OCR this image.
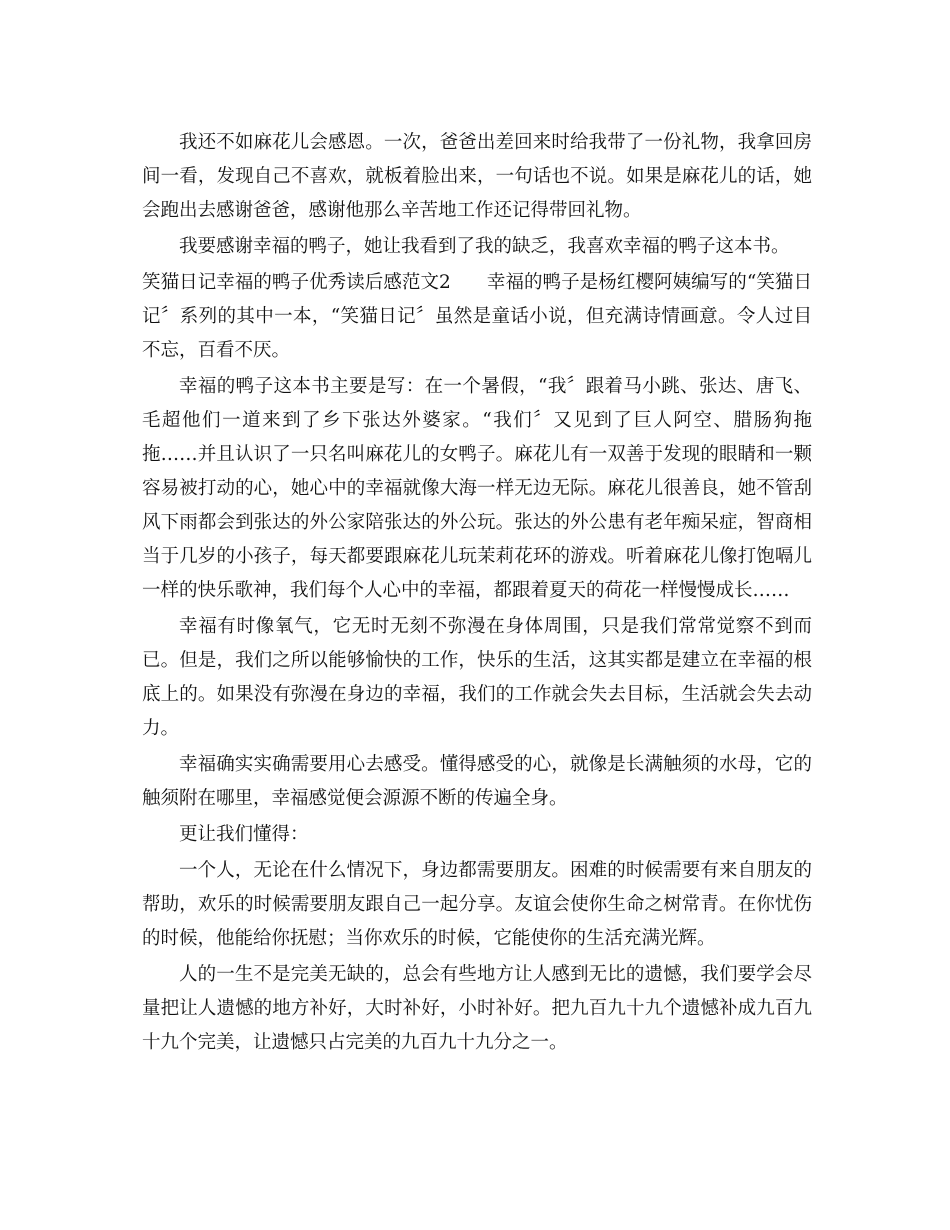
我还不如麻花儿会感恩。一次，爸爸出差回来时给我带了一份礼物，我拿回房间一看，发现自己不喜欢，就板着脸出来，一句话也不说。如果是麻花儿的话，她会跑出去感谢爸爸，感谢他那么辛苦地工作还记得带回礼物。

我要感谢幸福的鸭子，她让我看到了我的缺乏，我喜欢幸福的鸭子这本书。

笑猫日记幸福的鸭子优秀读后感范文2 幸福的鸭子是杨红樱阿姨编写的“笑猫日记〞系列的其中一本，“笑猫日记〞虽然是童话小说，但充满诗情画意。令人过目不忘，百看不厌。

幸福的鸭子这本书主要是写：在一个暑假，“我〞跟着马小跳、张达、唐飞、毛超他们一道来到了乡下张达外婆家。“我们〞又见到了巨人阿空、腊肠狗拖拖……并且认识了一只名叫麻花儿的女鸭子。麻花儿有一双善于发现的眼睛和一颗容易被打动的心，她心中的幸福就像大海一样无边无际。麻花儿很善良，她不管刮风下雨都会到张达的外公家陪张达的外公玩。张达的外公患有老年痴呆症，智商相当于几岁的小孩子，每天都要跟麻花儿玩茉莉花环的游戏。听着麻花儿像打饱嗝儿一样的快乐歌神，我们每个人心中的幸福，都跟着夏天的荷花一样慢慢成长……

幸福有时像氧气，它无时无刻不弥漫在身体周围，只是我们常常觉察不到而已。但是，我们之所以能够愉快的工作，快乐的生活，这其实都是建立在幸福的根底上的。如果没有弥漫在身边的幸福，我们的工作就会失去目标，生活就会失去动力。

幸福确实实确需要用心去感受。懂得感受的心，就像是长满触须的水母，它的触须附在哪里，幸福感觉便会源源不断的传遍全身。

更让我们懂得：

一个人，无论在什么情况下，身边都需要朋友。困难的时候需要有来自朋友的帮助，欢乐的时候需要朋友跟自己一起分享。友谊会使你生命之树常青。在你忧伤的时候，他能给你抚慰；当你欢乐的时候，它能使你的生活充满光辉。

人的一生不是完美无缺的，总会有些地方让人感到无比的遗憾，我们要学会尽量把让人遗憾的地方补好，大时补好，小时补好。把九百九十九个遗憾补成九百九十九个完美，让遗憾只占完美的九百九十九分之一。
